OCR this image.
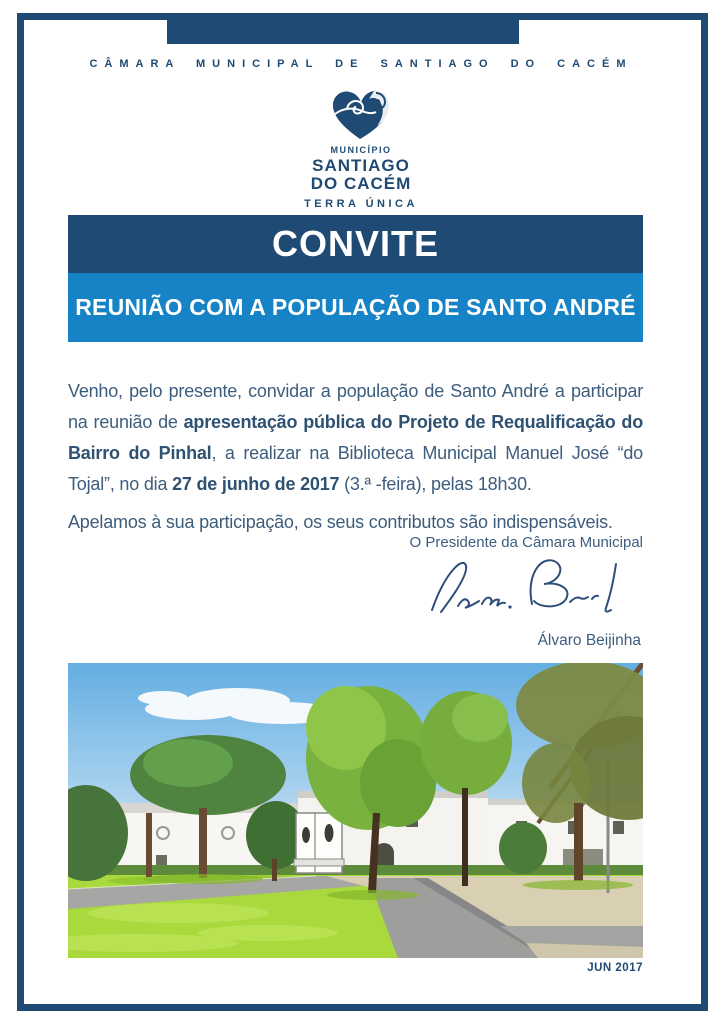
CÂMARA MUNICIPAL DE SANTIAGO DO CACÉM
MUNICÍPIO
SANTIAGO
DO CACÉM
TERRA ÚNICA
CONVITE
REUNIÃO COM A POPULAÇÃO DE SANTO ANDRÉ

Venho, pelo presente, convidar a população de Santo André a participar na reunião de apresentação pública do Projeto de Requalificação do Bairro do Pinhal, a realizar na Biblioteca Municipal Manuel José “do Tojal”, no dia 27 de junho de 2017 (3.ª -feira), pelas 18h30.

Apelamos à sua participação, os seus contributos são indispensáveis.

O Presidente da Câmara Municipal
Álvaro Beijinha
JUN 2017
